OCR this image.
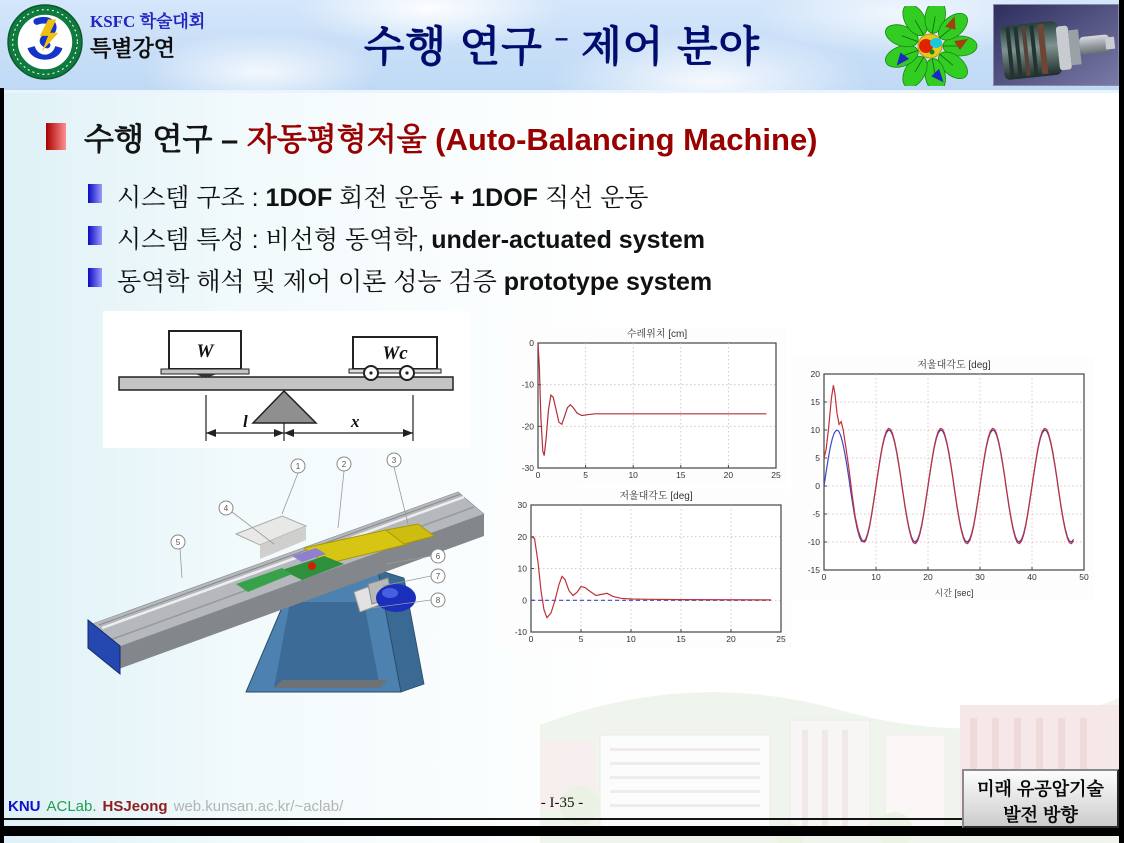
KSFC 학술대회
특별강연	수행 연구 – 제어 분야
수행 연구 – 자동평형저울 (Auto-Balancing Machine)
시스템 구조 : 1DOF 회전 운동 + 1DOF 직선 운동
시스템 특성 : 비선형 동역학, under-actuated system
동역학 해석 및 제어 이론 성능 검증 prototype system
W	Wc
l	x
1	2	3
4
5
6
7
8
0	5	10	15	20	25
0
-10
-20
-30
수레위치 [cm]
0	5	10	15	20	25
30
20
10
0
-10
저울대각도 [deg]
0	10	20	30	40	50
20
15
10
5
0
-5
-10
-15
저울대각도 [deg]
시간 [sec]
KNU ACLab. HSJeong web.kunsan.ac.kr/~aclab/	- I-35 -
미래 유공압기술
발전 방향
